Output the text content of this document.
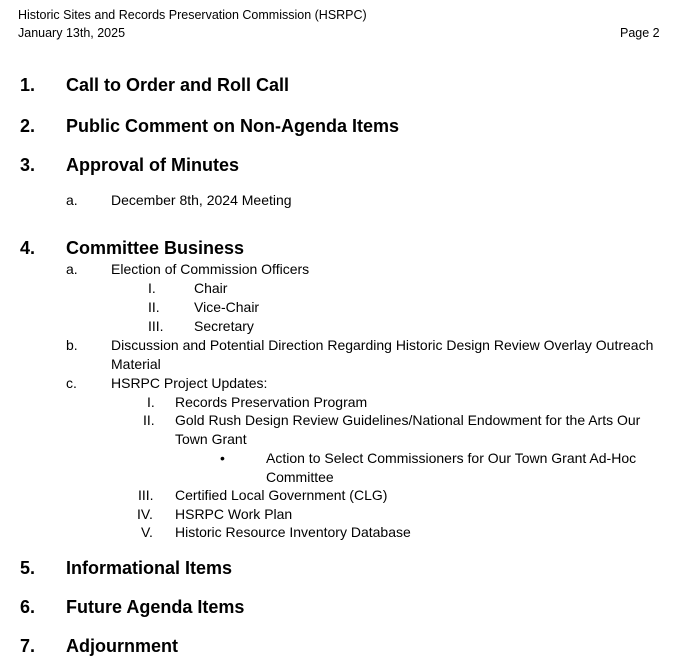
Historic Sites and Records Preservation Commission (HSRPC)
January 13th, 2025	Page 2
1. Call to Order and Roll Call
2. Public Comment on Non-Agenda Items
3. Approval of Minutes
a. December 8th, 2024 Meeting
4. Committee Business
a. Election of Commission Officers
I.	Chair
II. Vice-Chair
III. Secretary
b. Discussion and Potential Direction Regarding Historic Design Review Overlay Outreach
Material
c. HSRPC Project Updates:
I. Records Preservation Program
II. Gold Rush Design Review Guidelines/National Endowment for the Arts Our
Town Grant
•	Action to Select Commissioners for Our Town Grant Ad-Hoc
Committee
III. Certified Local Government (CLG)
IV. HSRPC Work Plan
V. Historic Resource Inventory Database
5. Informational Items
6. Future Agenda Items
7. Adjournment
